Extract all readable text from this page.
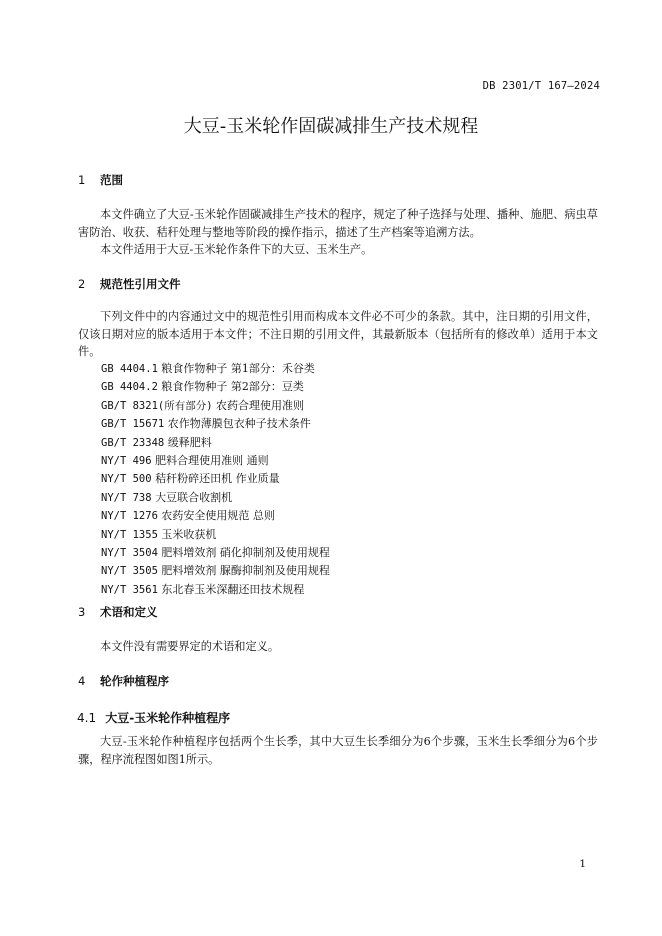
DB 2301/T 167—2024
大豆-玉米轮作固碳减排生产技术规程
1 范围

本文件确立了大豆-玉米轮作固碳减排生产技术的程序，规定了种子选择与处理、播种、施肥、病虫草害防治、收获、秸秆处理与整地等阶段的操作指示，描述了生产档案等追溯方法。

本文件适用于大豆-玉米轮作条件下的大豆、玉米生产。

2 规范性引用文件

下列文件中的内容通过文中的规范性引用而构成本文件必不可少的条款。其中，注日期的引用文件，仅该日期对应的版本适用于本文件；不注日期的引用文件，其最新版本（包括所有的修改单）适用于本文件。

GB 4404.1 粮食作物种子 第1部分：禾谷类
GB 4404.2 粮食作物种子 第2部分：豆类
GB/T 8321(所有部分) 农药合理使用准则
GB/T 15671 农作物薄膜包衣种子技术条件
GB/T 23348 缓释肥料
NY/T 496 肥料合理使用准则 通则
NY/T 500 秸秆粉碎还田机 作业质量
NY/T 738 大豆联合收割机
NY/T 1276 农药安全使用规范 总则
NY/T 1355 玉米收获机
NY/T 3504 肥料增效剂 硝化抑制剂及使用规程
NY/T 3505 肥料增效剂 脲酶抑制剂及使用规程
NY/T 3561 东北春玉米深翻还田技术规程
3 术语和定义

本文件没有需要界定的术语和定义。

4 轮作种植程序
4.1 大豆-玉米轮作种植程序

大豆-玉米轮作种植程序包括两个生长季，其中大豆生长季细分为6个步骤，玉米生长季细分为6个步骤，程序流程图如图1所示。

1
